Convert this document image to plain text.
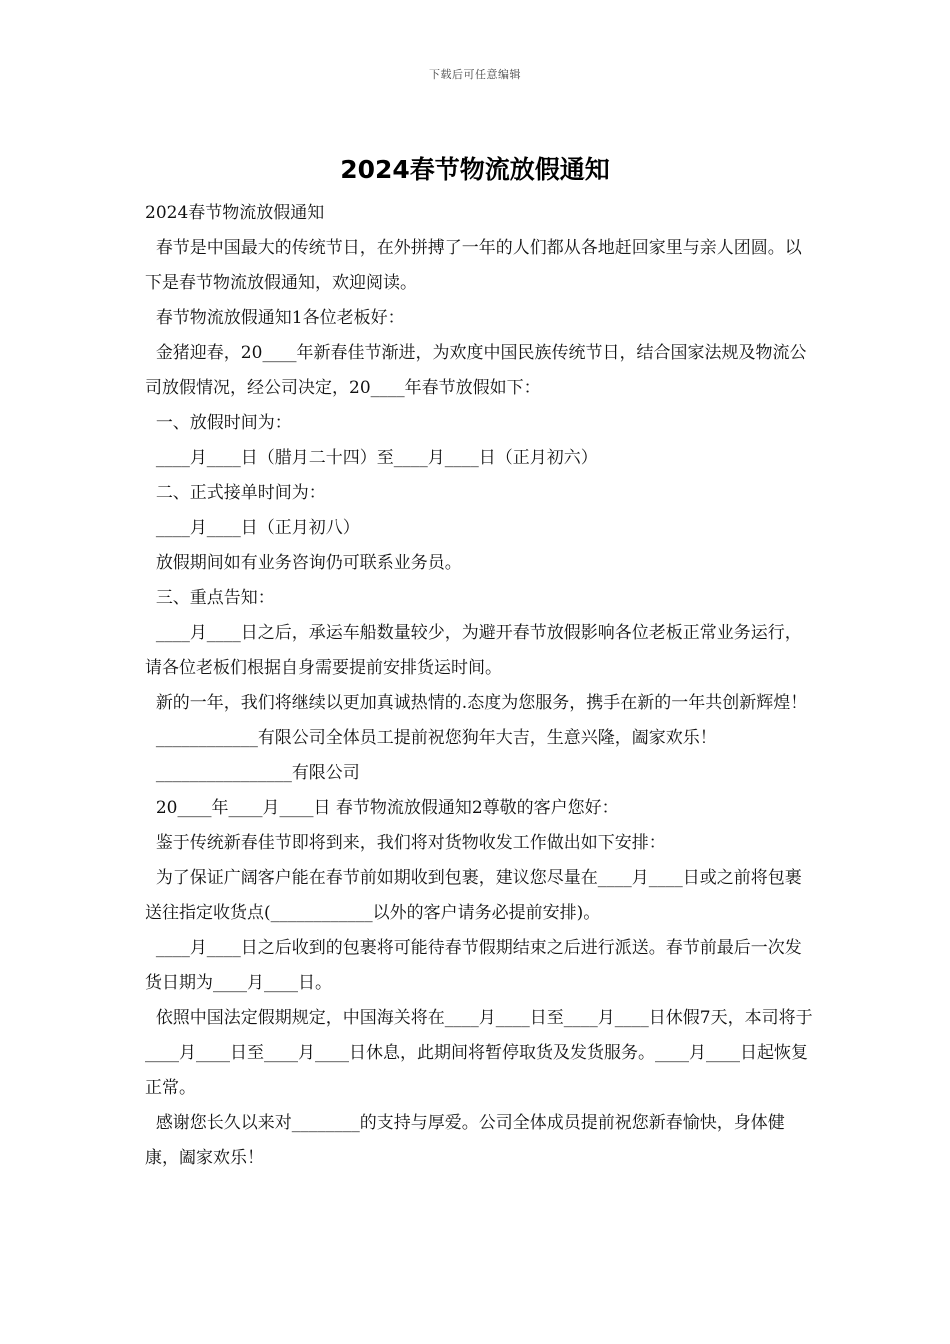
下载后可任意编辑
2024春节物流放假通知

2024春节物流放假通知

春节是中国最大的传统节日，在外拼搏了一年的人们都从各地赶回家里与亲人团圆。以下是春节物流放假通知，欢迎阅读。

春节物流放假通知1各位老板好：

金猪迎春，20____年新春佳节渐进，为欢度中国民族传统节日，结合国家法规及物流公司放假情况，经公司决定，20____年春节放假如下：

一、放假时间为：

____月____日（腊月二十四）至____月____日（正月初六）

二、正式接单时间为：

____月____日（正月初八）

放假期间如有业务咨询仍可联系业务员。

三、重点告知：

____月____日之后，承运车船数量较少，为避开春节放假影响各位老板正常业务运行，请各位老板们根据自身需要提前安排货运时间。

新的一年，我们将继续以更加真诚热情的.态度为您服务，携手在新的一年共创新辉煌！

____________有限公司全体员工提前祝您狗年大吉，生意兴隆，阖家欢乐！

________________有限公司

20____年____月____日 春节物流放假通知2尊敬的客户您好：

鉴于传统新春佳节即将到来，我们将对货物收发工作做出如下安排：

为了保证广阔客户能在春节前如期收到包裹，建议您尽量在____月____日或之前将包裹送往指定收货点(____________以外的客户请务必提前安排)。

____月____日之后收到的包裹将可能待春节假期结束之后进行派送。春节前最后一次发货日期为____月____日。

依照中国法定假期规定，中国海关将在____月____日至____月____日休假7天，本司将于____月____日至____月____日休息，此期间将暂停取货及发货服务。____月____日起恢复正常。

感谢您长久以来对________的支持与厚爱。公司全体成员提前祝您新春愉快，身体健康，阖家欢乐！
